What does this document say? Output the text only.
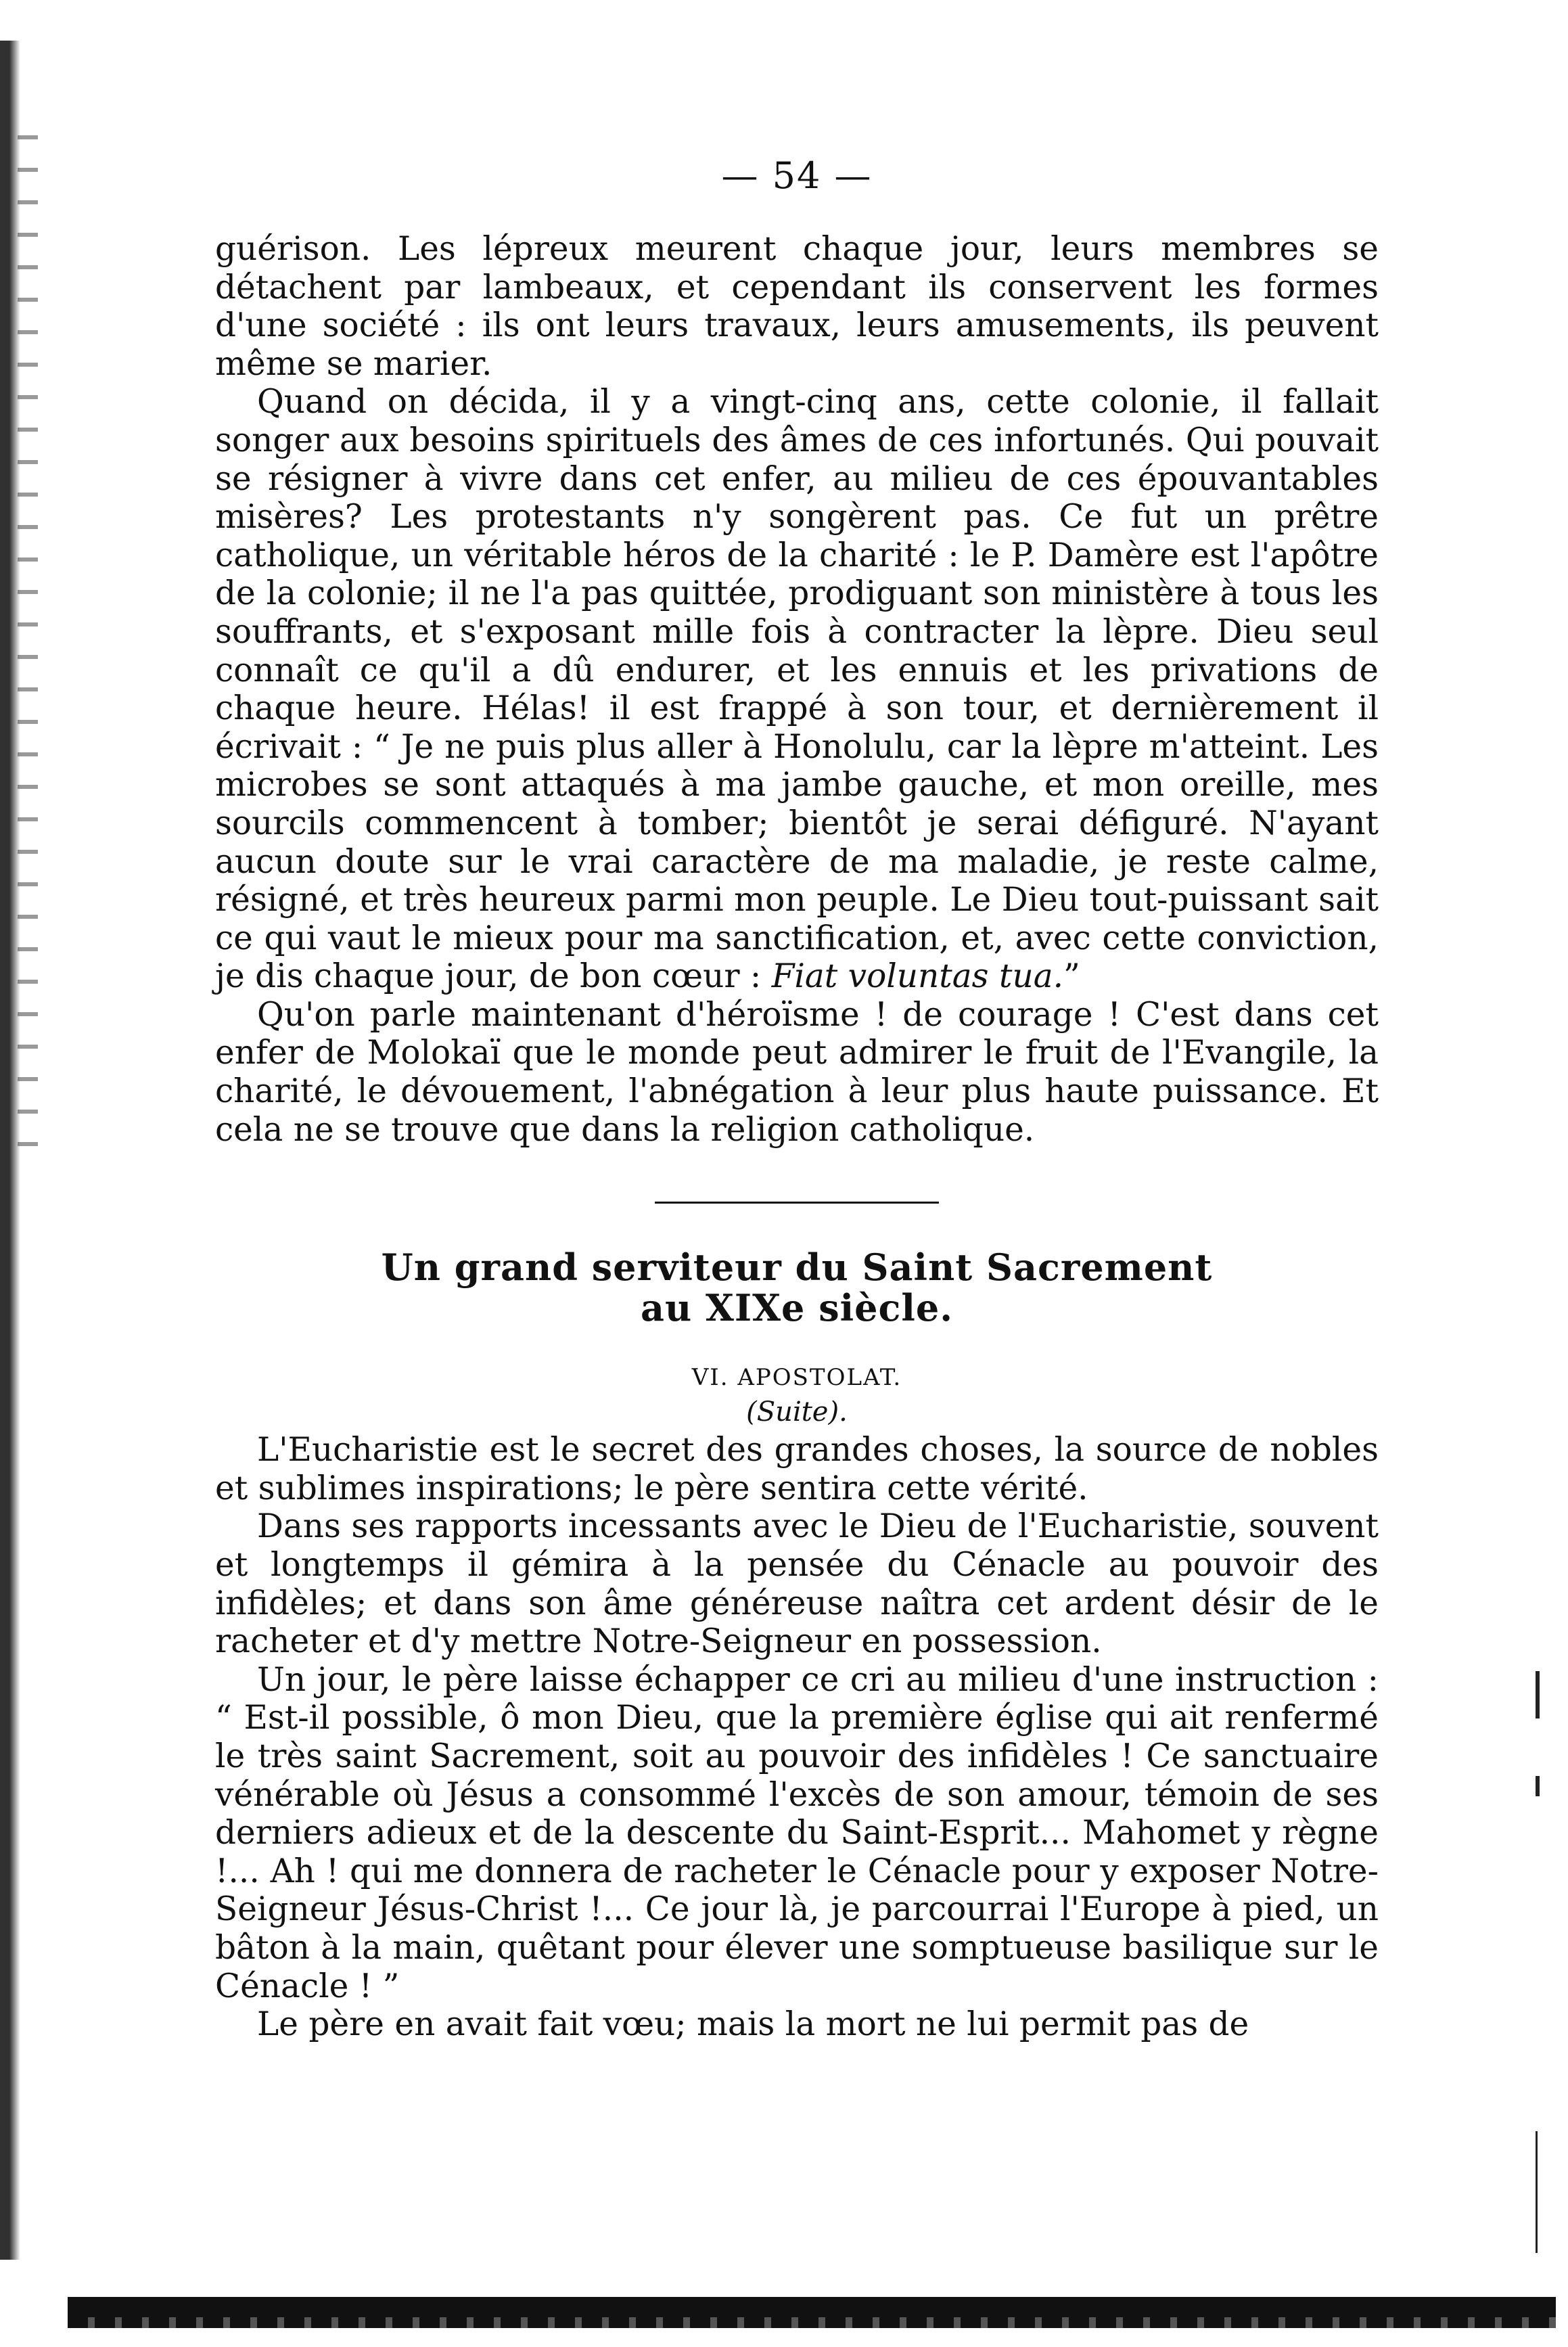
— 54 —

guérison. Les lépreux meurent chaque jour, leurs membres se détachent par lambeaux, et cependant ils conservent les formes d'une société : ils ont leurs travaux, leurs amusements, ils peuvent même se marier.

Quand on décida, il y a vingt-cinq ans, cette colonie, il fallait songer aux besoins spirituels des âmes de ces infortunés. Qui pouvait se résigner à vivre dans cet enfer, au milieu de ces épouvantables misères? Les protestants n'y songèrent pas. Ce fut un prêtre catholique, un véritable héros de la charité : le P. Damère est l'apôtre de la colonie; il ne l'a pas quittée, prodiguant son ministère à tous les souffrants, et s'exposant mille fois à contracter la lèpre. Dieu seul connaît ce qu'il a dû endurer, et les ennuis et les privations de chaque heure. Hélas! il est frappé à son tour, et dernièrement il écrivait : “ Je ne puis plus aller à Honolulu, car la lèpre m'atteint. Les microbes se sont attaqués à ma jambe gauche, et mon oreille, mes sourcils commencent à tomber; bientôt je serai défiguré. N'ayant aucun doute sur le vrai caractère de ma maladie, je reste calme, résigné, et très heureux parmi mon peuple. Le Dieu tout-puissant sait ce qui vaut le mieux pour ma sanctification, et, avec cette conviction, je dis chaque jour, de bon cœur : Fiat voluntas tua.”

Qu'on parle maintenant d'héroïsme ! de courage ! C'est dans cet enfer de Molokaï que le monde peut admirer le fruit de l'Evangile, la charité, le dévouement, l'abnégation à leur plus haute puissance. Et cela ne se trouve que dans la religion catholique.

Un grand serviteur du Saint Sacrement
au XIXe siècle.
VI. APOSTOLAT.
(Suite).

L'Eucharistie est le secret des grandes choses, la source de nobles et sublimes inspirations; le père sentira cette vérité.

Dans ses rapports incessants avec le Dieu de l'Eucharistie, souvent et longtemps il gémira à la pensée du Cénacle au pouvoir des infidèles; et dans son âme généreuse naîtra cet ardent désir de le racheter et d'y mettre Notre-Seigneur en possession.

Un jour, le père laisse échapper ce cri au milieu d'une instruction : “ Est-il possible, ô mon Dieu, que la première église qui ait renfermé le très saint Sacrement, soit au pouvoir des infidèles ! Ce sanctuaire vénérable où Jésus a consommé l'excès de son amour, témoin de ses derniers adieux et de la descente du Saint-Esprit... Mahomet y règne !... Ah ! qui me donnera de racheter le Cénacle pour y exposer Notre-Seigneur Jésus-Christ !... Ce jour là, je parcourrai l'Europe à pied, un bâton à la main, quêtant pour élever une somptueuse basilique sur le Cénacle ! ”

Le père en avait fait vœu; mais la mort ne lui permit pas de
